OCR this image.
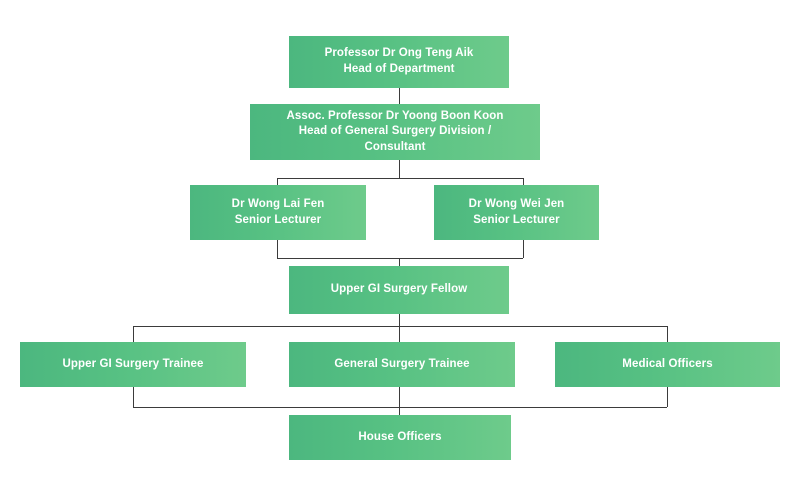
Professor Dr Ong Teng Aik
Head of Department
Assoc. Professor Dr Yoong Boon Koon
Head of General Surgery Division /
Consultant
Dr Wong Lai Fen
Senior Lecturer
Dr Wong Wei Jen
Senior Lecturer
Upper GI Surgery Fellow
Upper GI Surgery Trainee	General Surgery Trainee	Medical Officers
House Officers
